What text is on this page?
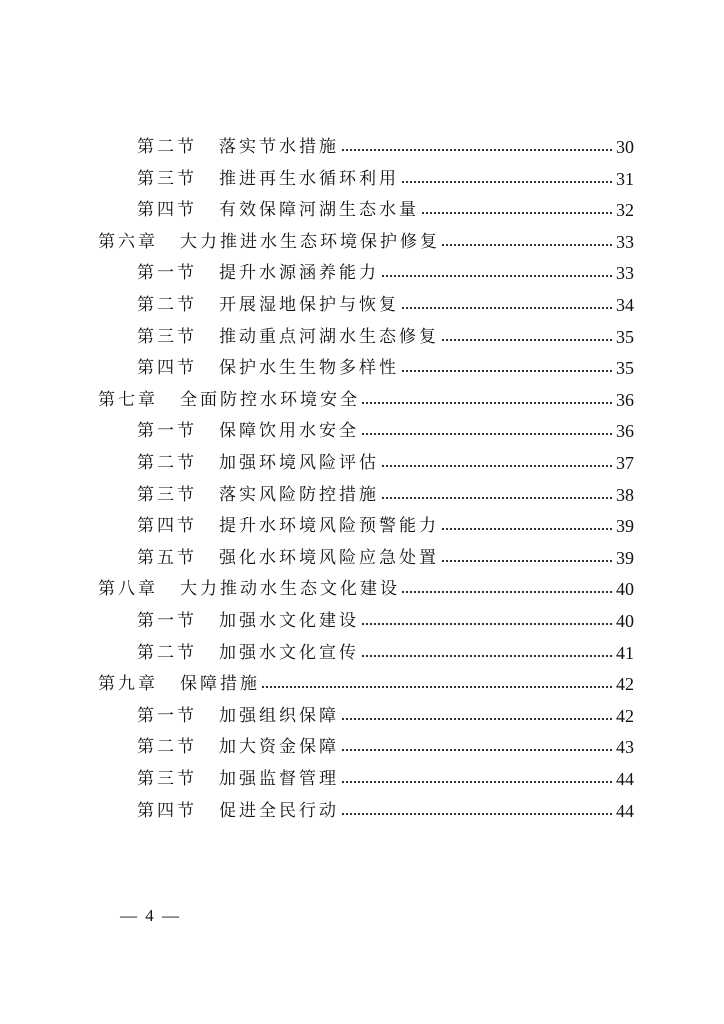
第二节 落实节水措施	30
第三节 推进再生水循环利用	31
第四节 有效保障河湖生态水量	32
第六章 大力推进水生态环境保护修复	33
第一节 提升水源涵养能力	33
第二节 开展湿地保护与恢复	34
第三节 推动重点河湖水生态修复	35
第四节 保护水生生物多样性	35
第七章 全面防控水环境安全	36
第一节 保障饮用水安全	36
第二节 加强环境风险评估	37
第三节 落实风险防控措施	38
第四节 提升水环境风险预警能力	39
第五节 强化水环境风险应急处置	39
第八章 大力推动水生态文化建设	40
第一节 加强水文化建设	40
第二节 加强水文化宣传	41
第九章 保障措施	42
第一节 加强组织保障	42
第二节 加大资金保障	43
第三节 加强监督管理	44
第四节 促进全民行动	44
— 4 —
